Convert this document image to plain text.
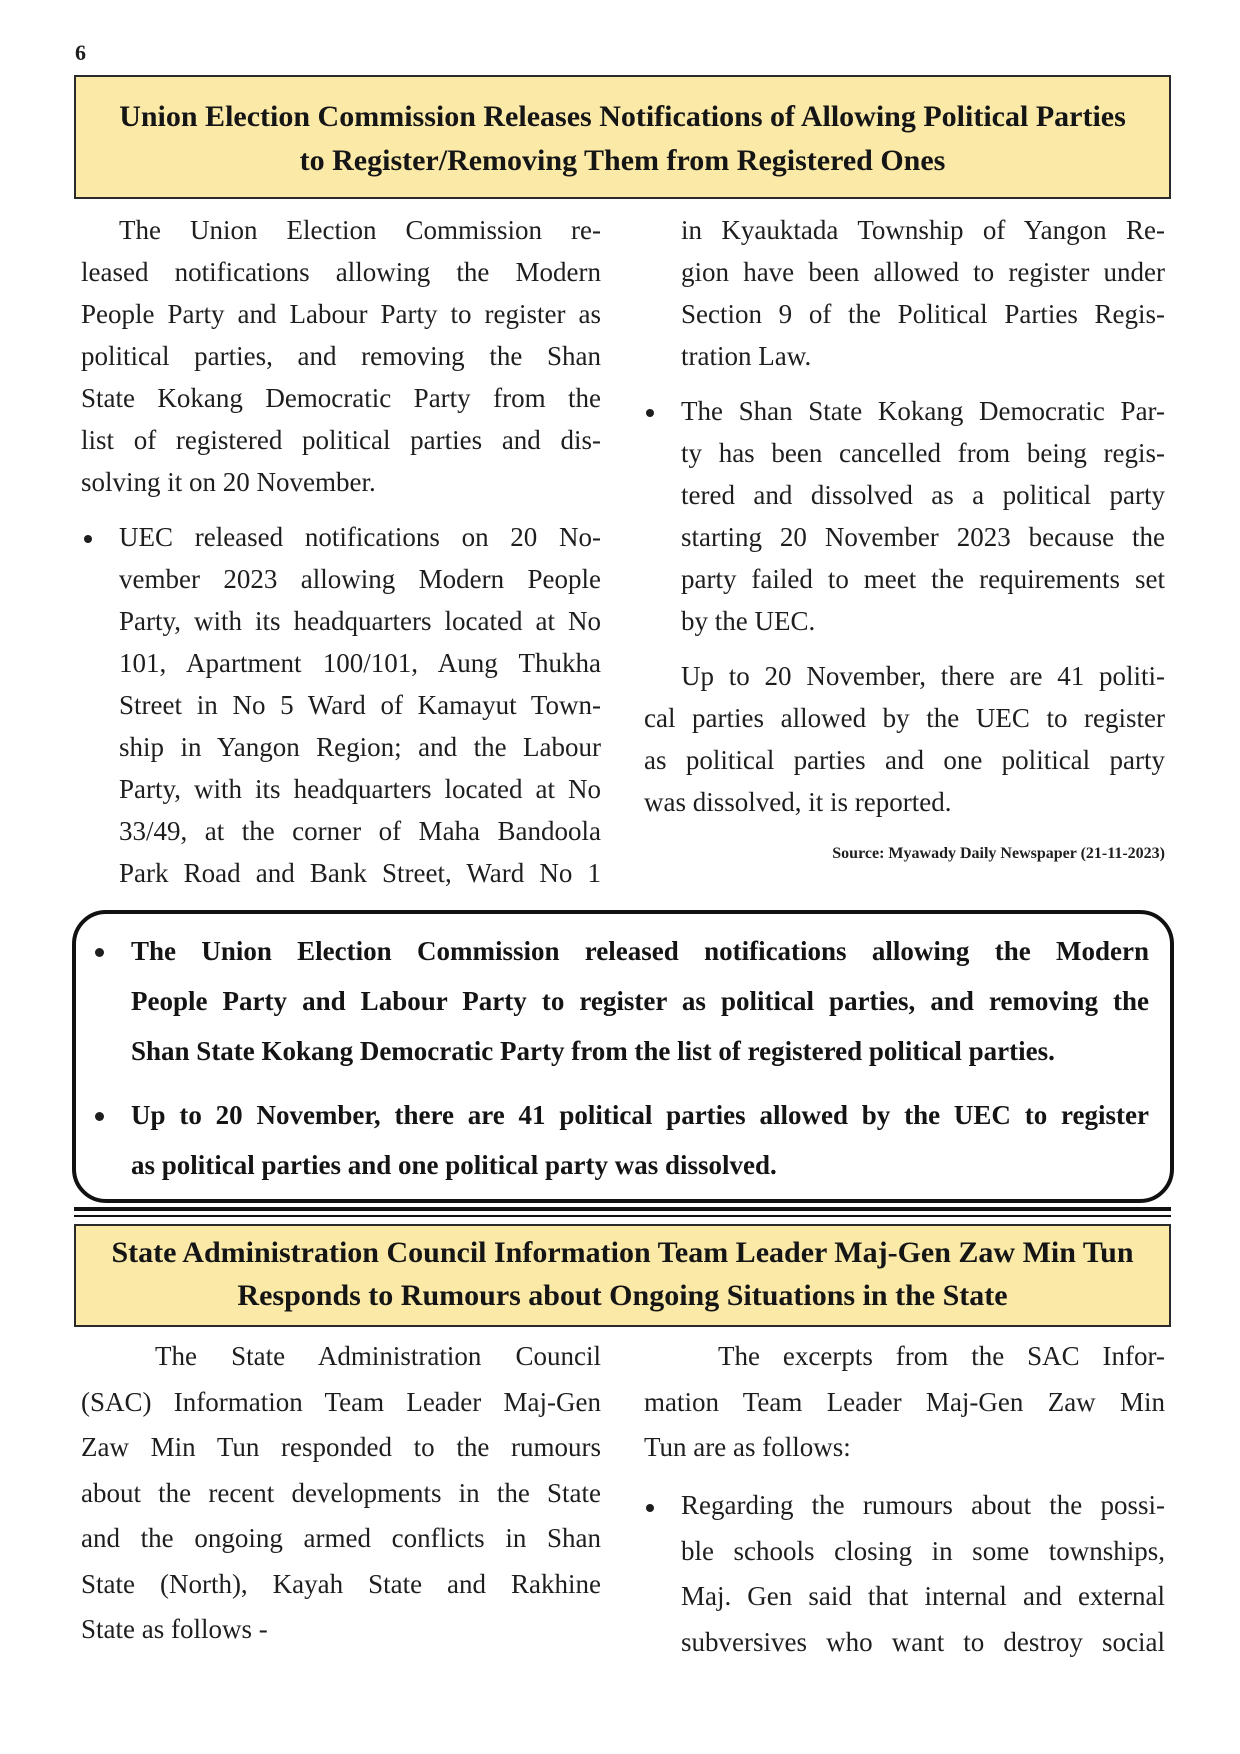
6
Union Election Commission Releases Notifications of Allowing Political Parties
to Register/Removing Them from Registered Ones
The Union Election Commission re-
leased notifications allowing the Modern
People Party and Labour Party to register as
political parties, and removing the Shan
State Kokang Democratic Party from the
list of registered political parties and dis-
solving it on 20 November.
UEC released notifications on 20 No-
vember 2023 allowing Modern People
Party, with its headquarters located at No
101, Apartment 100/101, Aung Thukha
Street in No 5 Ward of Kamayut Town-
ship in Yangon Region; and the Labour
Party, with its headquarters located at No
33/49, at the corner of Maha Bandoola
Park Road and Bank Street, Ward No 1
in Kyauktada Township of Yangon Re-
gion have been allowed to register under
Section 9 of the Political Parties Regis-
tration Law.
The Shan State Kokang Democratic Par-
ty has been cancelled from being regis-
tered and dissolved as a political party
starting 20 November 2023 because the
party failed to meet the requirements set
by the UEC.
Up to 20 November, there are 41 politi-
cal parties allowed by the UEC to register
as political parties and one political party
was dissolved, it is reported.
Source: Myawady Daily Newspaper (21-11-2023)
The Union Election Commission released notifications allowing the Modern
People Party and Labour Party to register as political parties, and removing the
Shan State Kokang Democratic Party from the list of registered political parties.
Up to 20 November, there are 41 political parties allowed by the UEC to register
as political parties and one political party was dissolved.
State Administration Council Information Team Leader Maj-Gen Zaw Min Tun
Responds to Rumours about Ongoing Situations in the State
The State Administration Council
(SAC) Information Team Leader Maj-Gen
Zaw Min Tun responded to the rumours
about the recent developments in the State
and the ongoing armed conflicts in Shan
State (North), Kayah State and Rakhine
State as follows -
The excerpts from the SAC Infor-
mation Team Leader Maj-Gen Zaw Min
Tun are as follows:
Regarding the rumours about the possi-
ble schools closing in some townships,
Maj. Gen said that internal and external
subversives who want to destroy social
